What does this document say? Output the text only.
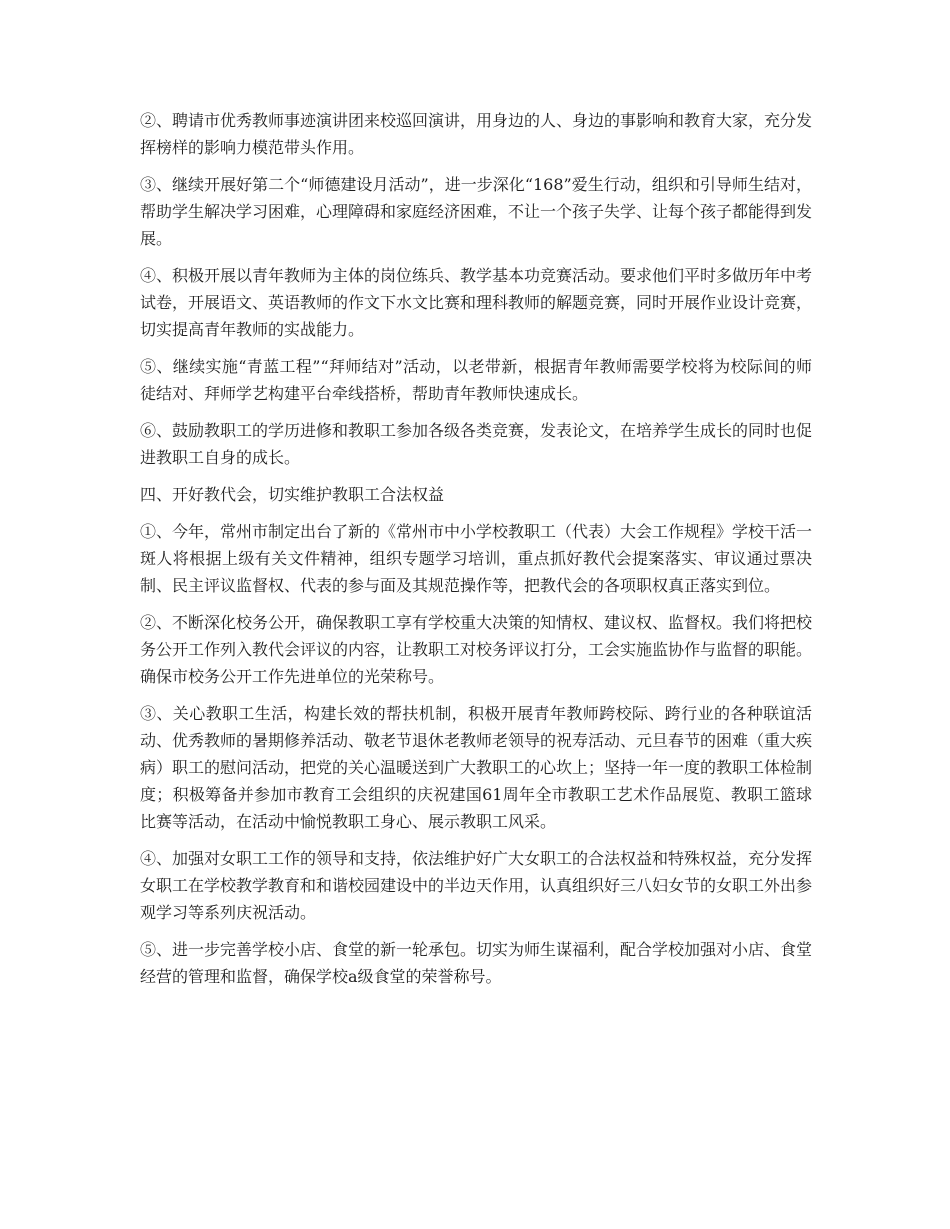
②、聘请市优秀教师事迹演讲团来校巡回演讲，用身边的人、身边的事影响和教育大家，充分发挥榜样的影响力模范带头作用。

③、继续开展好第二个“师德建设月活动”，进一步深化“168”爱生行动，组织和引导师生结对，帮助学生解决学习困难，心理障碍和家庭经济困难，不让一个孩子失学、让每个孩子都能得到发展。

④、积极开展以青年教师为主体的岗位练兵、教学基本功竞赛活动。要求他们平时多做历年中考试卷，开展语文、英语教师的作文下水文比赛和理科教师的解题竞赛，同时开展作业设计竞赛，切实提高青年教师的实战能力。

⑤、继续实施“青蓝工程”“拜师结对”活动，以老带新，根据青年教师需要学校将为校际间的师徒结对、拜师学艺构建平台牵线搭桥，帮助青年教师快速成长。

⑥、鼓励教职工的学历进修和教职工参加各级各类竞赛，发表论文，在培养学生成长的同时也促进教职工自身的成长。

四、开好教代会，切实维护教职工合法权益

①、今年，常州市制定出台了新的《常州市中小学校教职工（代表）大会工作规程》学校干活一斑人将根据上级有关文件精神，组织专题学习培训，重点抓好教代会提案落实、审议通过票决制、民主评议监督权、代表的参与面及其规范操作等，把教代会的各项职权真正落实到位。

②、不断深化校务公开，确保教职工享有学校重大决策的知情权、建议权、监督权。我们将把校务公开工作列入教代会评议的内容，让教职工对校务评议打分，工会实施监协作与监督的职能。确保市校务公开工作先进单位的光荣称号。

③、关心教职工生活，构建长效的帮扶机制，积极开展青年教师跨校际、跨行业的各种联谊活动、优秀教师的暑期修养活动、敬老节退休老教师老领导的祝寿活动、元旦春节的困难（重大疾病）职工的慰问活动，把党的关心温暖送到广大教职工的心坎上；坚持一年一度的教职工体检制度；积极筹备并参加市教育工会组织的庆祝建国61周年全市教职工艺术作品展览、教职工篮球比赛等活动，在活动中愉悦教职工身心、展示教职工风采。

④、加强对女职工工作的领导和支持，依法维护好广大女职工的合法权益和特殊权益，充分发挥女职工在学校教学教育和和谐校园建设中的半边天作用，认真组织好三八妇女节的女职工外出参观学习等系列庆祝活动。

⑤、进一步完善学校小店、食堂的新一轮承包。切实为师生谋福利，配合学校加强对小店、食堂经营的管理和监督，确保学校a级食堂的荣誉称号。
